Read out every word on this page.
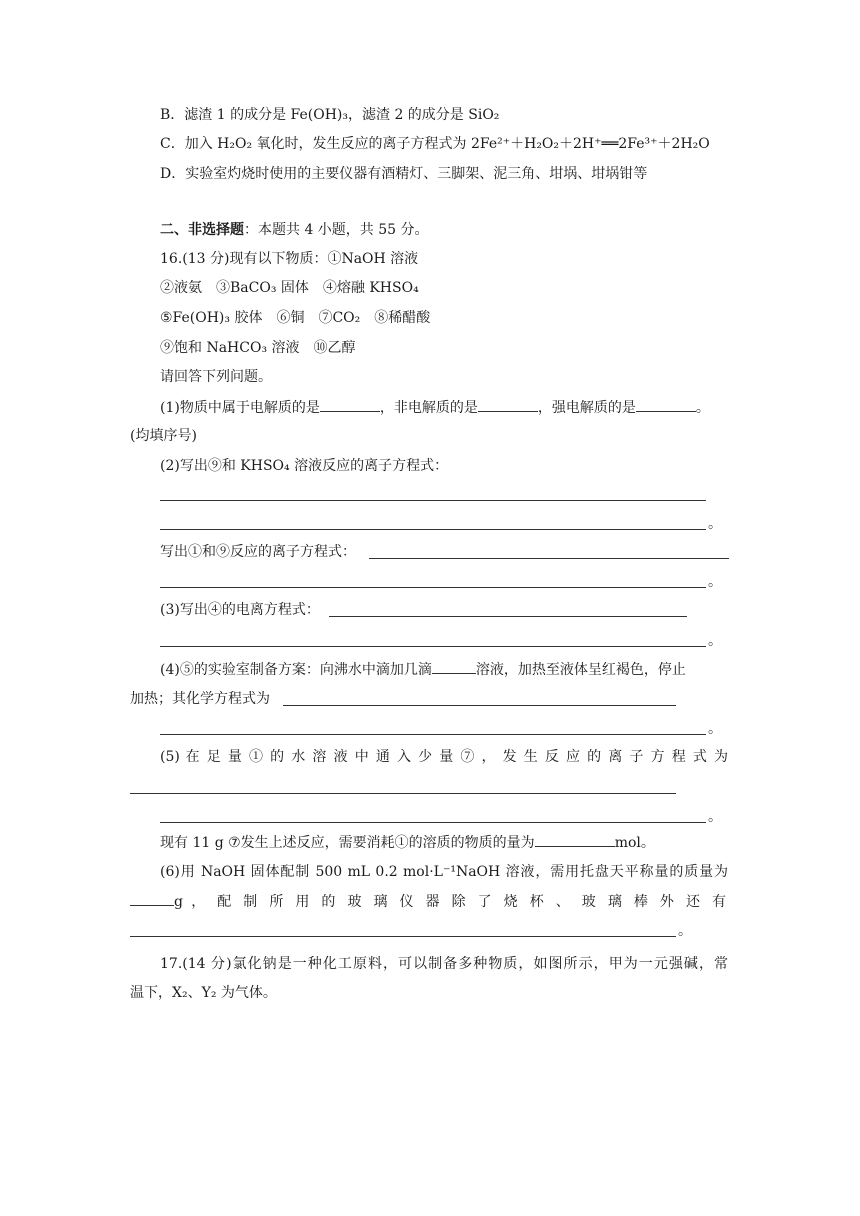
B．滤渣 1 的成分是 Fe(OH)₃，滤渣 2 的成分是 SiO₂
C．加入 H₂O₂ 氧化时，发生反应的离子方程式为 2Fe²⁺＋H₂O₂＋2H⁺══2Fe³⁺＋2H₂O
D．实验室灼烧时使用的主要仪器有酒精灯、三脚架、泥三角、坩埚、坩埚钳等
二、非选择题：本题共 4 小题，共 55 分。
16.(13 分)现有以下物质：①NaOH 溶液
②液氨　③BaCO₃ 固体　④熔融 KHSO₄
⑤Fe(OH)₃ 胶体　⑥铜　⑦CO₂　⑧稀醋酸
⑨饱和 NaHCO₃ 溶液　⑩乙醇
请回答下列问题。
(1)物质中属于电解质的是	，非电解质的是	，强电解质的是	。
(均填序号)
(2)写出⑨和 KHSO₄ 溶液反应的离子方程式：
。
写出①和⑨反应的离子方程式：
。
(3)写出④的电离方程式：
。
(4)⑤的实验室制备方案：向沸水中滴加几滴	溶液，加热至液体呈红褐色，停止
加热；其化学方程式为
。
(5) 在 足 量 ① 的 水 溶 液 中 通 入 少 量 ⑦ ， 发 生 反 应 的 离 子 方 程 式 为
。
现有 11 g ⑦发生上述反应，需要消耗①的溶质的物质的量为	mol。
(6)用 NaOH 固体配制 500 mL 0.2 mol·L⁻¹NaOH 溶液，需用托盘天平称量的质量为
g ， 配 制 所 用 的 玻 璃 仪 器 除 了 烧 杯 、 玻 璃 棒 外 还 有
。
17.(14 分)氯化钠是一种化工原料，可以制备多种物质，如图所示，甲为一元强碱，常
温下，X₂、Y₂ 为气体。
